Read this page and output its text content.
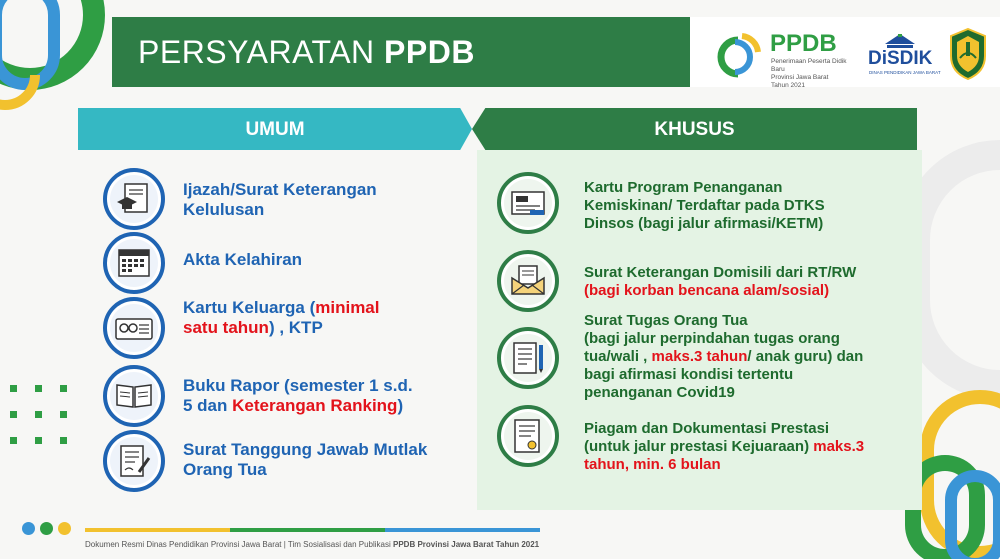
PERSYARATAN PPDB	PPDB
Penerimaan Peserta Didik Baru
Provinsi Jawa Barat
Tahun 2021
DiSDIK
DINAS PENDIDIKAN JAWA BARAT
UMUM	KHUSUS
Ijazah/Surat Keterangan
Kelulusan
Akta Kelahiran
Kartu Keluarga (minimal
satu tahun) , KTP
Buku Rapor (semester 1 s.d.
5 dan Keterangan Ranking)
Surat Tanggung Jawab Mutlak
Orang Tua
Kartu Program Penanganan
Kemiskinan/ Terdaftar pada DTKS
Dinsos (bagi jalur afirmasi/KETM)
Surat Keterangan Domisili dari RT/RW
(bagi korban bencana alam/sosial)
Surat Tugas Orang Tua
(bagi jalur perpindahan tugas orang
tua/wali , maks.3 tahun/ anak guru) dan
bagi afirmasi kondisi tertentu
penanganan Covid19
Piagam dan Dokumentasi Prestasi
(untuk jalur prestasi Kejuaraan) maks.3
tahun, min. 6 bulan
Dokumen Resmi Dinas Pendidikan Provinsi Jawa Barat | Tim Sosialisasi dan Publikasi PPDB Provinsi Jawa Barat Tahun 2021
